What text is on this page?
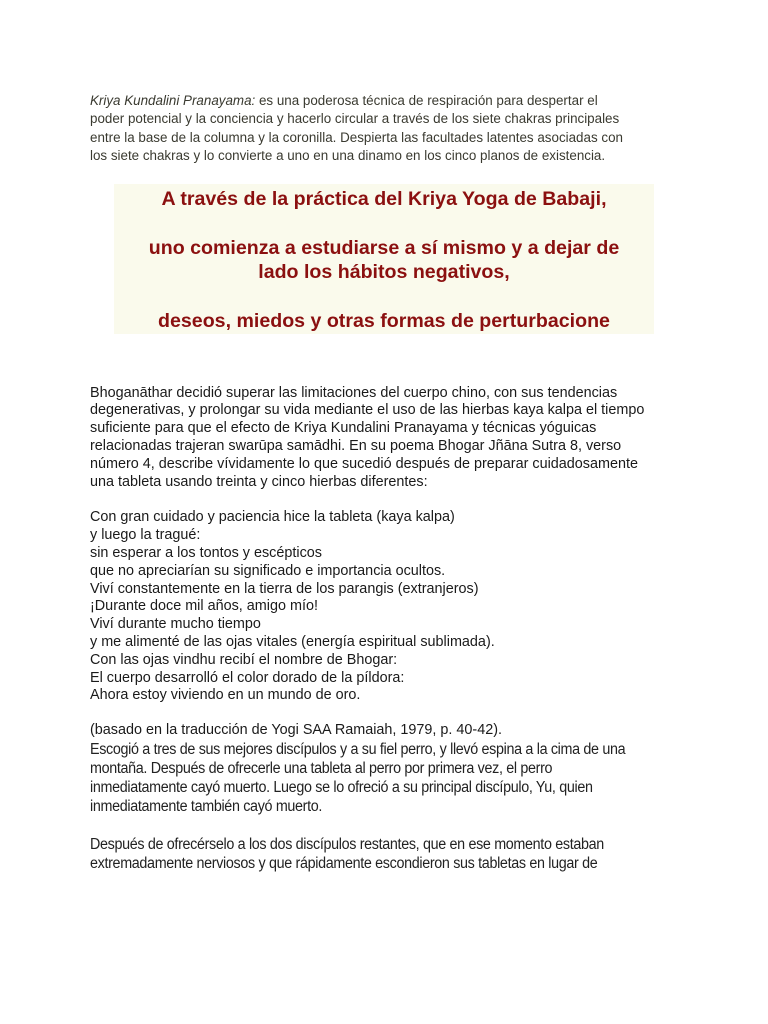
Kriya Kundalini Pranayama: es una poderosa técnica de respiración para despertar el
poder potencial y la conciencia y hacerlo circular a través de los siete chakras principales
entre la base de la columna y la coronilla. Despierta las facultades latentes asociadas con
los siete chakras y lo convierte a uno en una dinamo en los cinco planos de existencia.

A través de la práctica del Kriya Yoga de Babaji,

uno comienza a estudiarse a sí mismo y a dejar de

lado los hábitos negativos,

deseos, miedos y otras formas de perturbacione

Bhoganāthar decidió superar las limitaciones del cuerpo chino, con sus tendencias
degenerativas, y prolongar su vida mediante el uso de las hierbas kaya kalpa el tiempo
suficiente para que el efecto de Kriya Kundalini Pranayama y técnicas yóguicas
relacionadas trajeran swarūpa samādhi. En su poema Bhogar Jñāna Sutra 8, verso
número 4, describe vívidamente lo que sucedió después de preparar cuidadosamente
una tableta usando treinta y cinco hierbas diferentes:

Con gran cuidado y paciencia hice la tableta (kaya kalpa)
y luego la tragué:
sin esperar a los tontos y escépticos
que no apreciarían su significado e importancia ocultos.
Viví constantemente en la tierra de los parangis (extranjeros)
¡Durante doce mil años, amigo mío!
Viví durante mucho tiempo
y me alimenté de las ojas vitales (energía espiritual sublimada).
Con las ojas vindhu recibí el nombre de Bhogar:
El cuerpo desarrolló el color dorado de la píldora:
Ahora estoy viviendo en un mundo de oro.

(basado en la traducción de Yogi SAA Ramaiah, 1979, p. 40-42).

Escogió a tres de sus mejores discípulos y a su fiel perro, y llevó espina a la cima de una
montaña. Después de ofrecerle una tableta al perro por primera vez, el perro
inmediatamente cayó muerto. Luego se lo ofreció a su principal discípulo, Yu, quien
inmediatamente también cayó muerto.

Después de ofrecérselo a los dos discípulos restantes, que en ese momento estaban
extremadamente nerviosos y que rápidamente escondieron sus tabletas en lugar de
